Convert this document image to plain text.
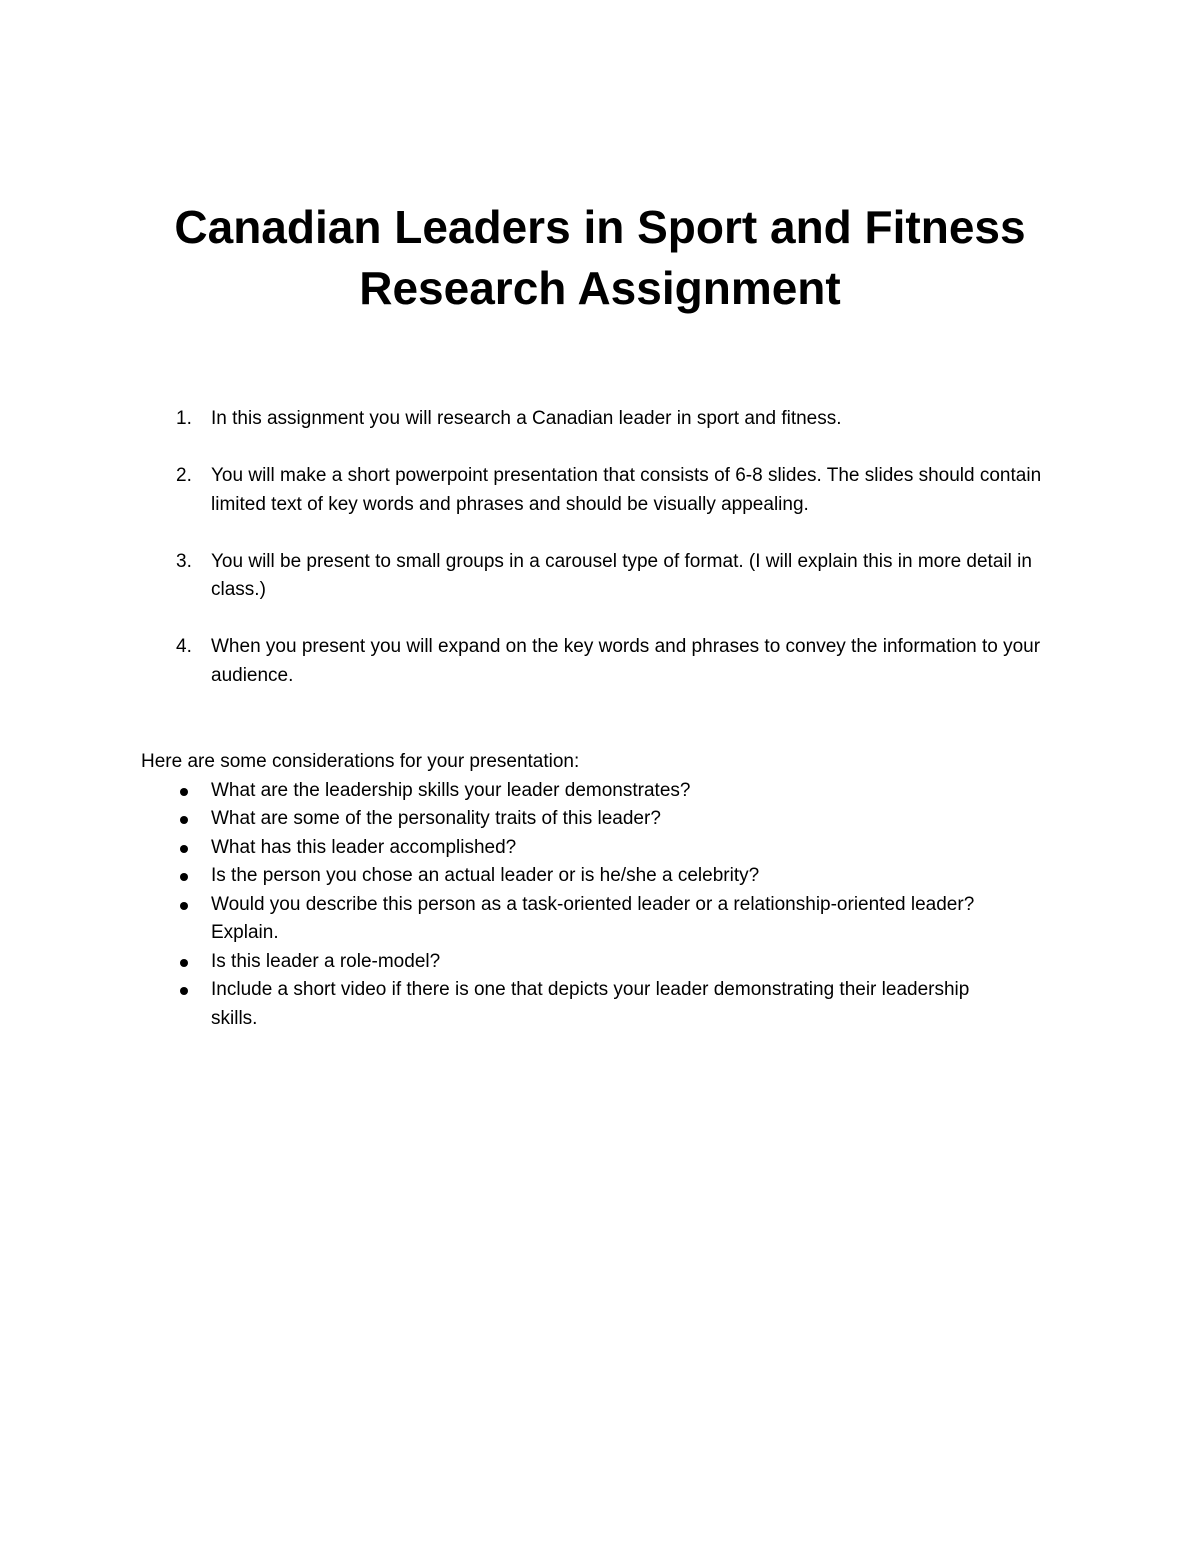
Canadian Leaders in Sport and Fitness
Research Assignment
1. In this assignment you will research a Canadian leader in sport and fitness.
2. You will make a short powerpoint presentation that consists of 6-8 slides. The slides should contain limited text of key words and phrases and should be visually appealing.
3. You will be present to small groups in a carousel type of format. (I will explain this in more detail in class.)
4. When you present you will expand on the key words and phrases to convey the information to your audience.

Here are some considerations for your presentation:

What are the leadership skills your leader demonstrates?
What are some of the personality traits of this leader?
What has this leader accomplished?
Is the person you chose an actual leader or is he/she a celebrity?
Would you describe this person as a task-oriented leader or a relationship-oriented leader? Explain.
Is this leader a role-model?
Include a short video if there is one that depicts your leader demonstrating their leadership skills.
